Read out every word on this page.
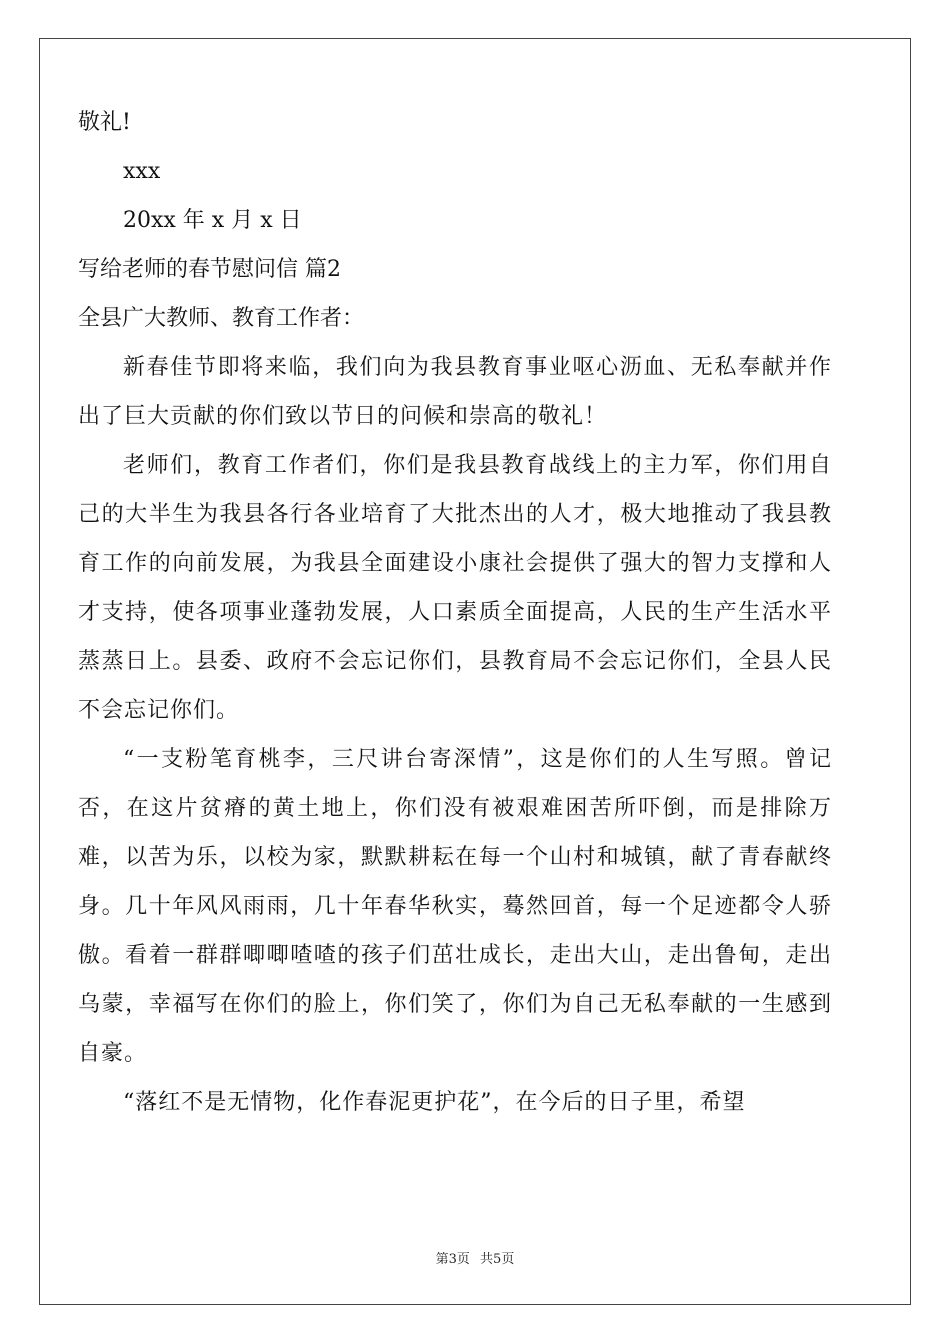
敬礼!
xxx
20xx 年 x 月 x 日
写给老师的春节慰问信 篇2
全县广大教师、教育工作者：

新春佳节即将来临，我们向为我县教育事业呕心沥血、无私奉献并作出了巨大贡献的你们致以节日的问候和崇高的敬礼！

老师们，教育工作者们，你们是我县教育战线上的主力军，你们用自己的大半生为我县各行各业培育了大批杰出的人才，极大地推动了我县教育工作的向前发展，为我县全面建设小康社会提供了强大的智力支撑和人才支持，使各项事业蓬勃发展，人口素质全面提高，人民的生产生活水平蒸蒸日上。县委、政府不会忘记你们，县教育局不会忘记你们，全县人民不会忘记你们。

“一支粉笔育桃李，三尺讲台寄深情”，这是你们的人生写照。曾记否，在这片贫瘠的黄土地上，你们没有被艰难困苦所吓倒，而是排除万难，以苦为乐，以校为家，默默耕耘在每一个山村和城镇，献了青春献终身。几十年风风雨雨，几十年春华秋实，蓦然回首，每一个足迹都令人骄傲。看着一群群唧唧喳喳的孩子们茁壮成长，走出大山，走出鲁甸，走出乌蒙，幸福写在你们的脸上，你们笑了，你们为自己无私奉献的一生感到自豪。

“落红不是无情物，化作春泥更护花”，在今后的日子里，希望

第3页 共5页
